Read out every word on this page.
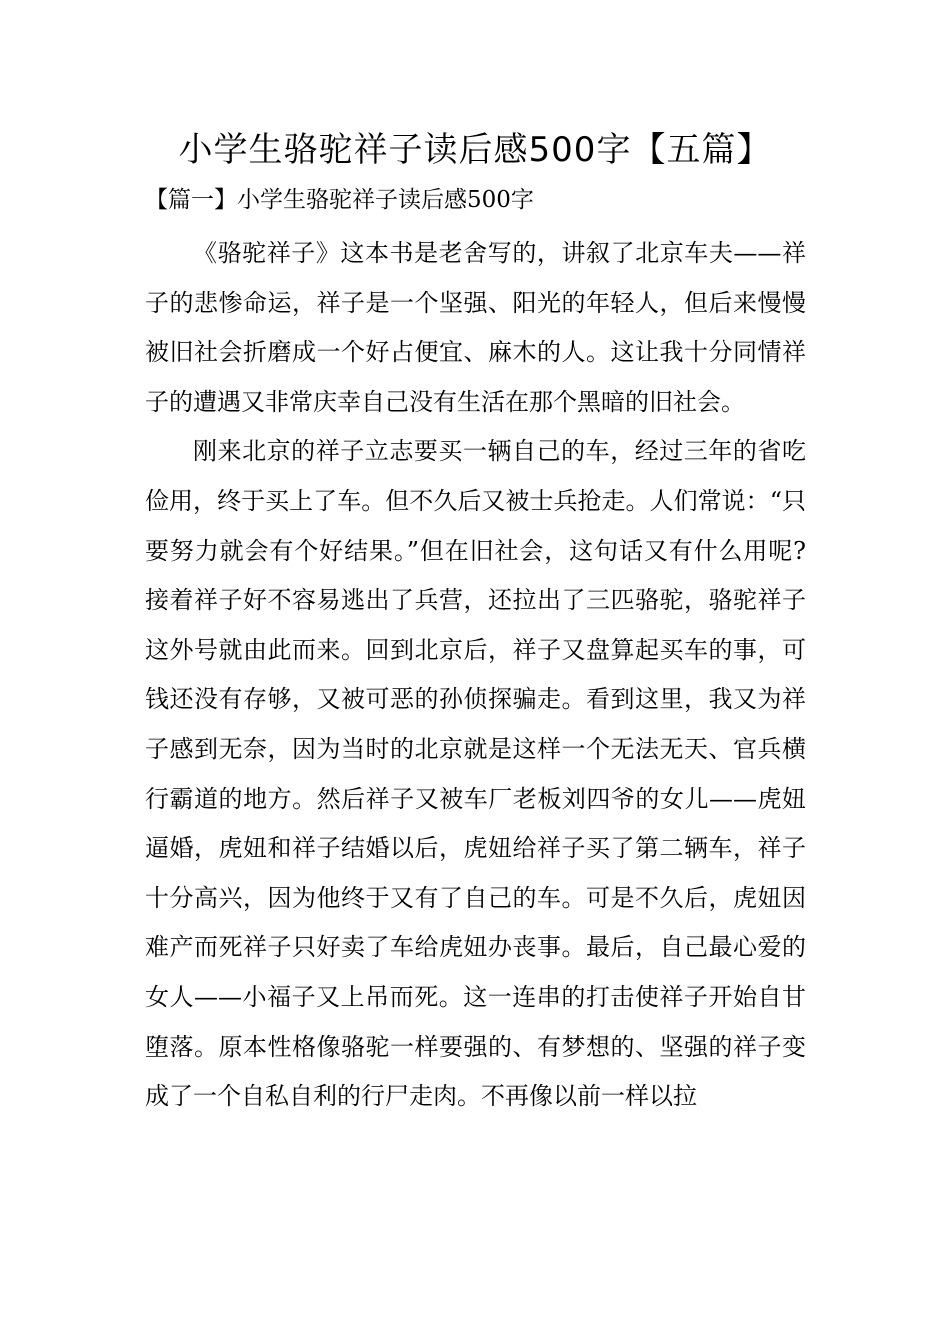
小学生骆驼祥子读后感500字【五篇】

【篇一】小学生骆驼祥子读后感500字

《骆驼祥子》这本书是老舍写的，讲叙了北京车夫——祥子的悲惨命运，祥子是一个坚强、阳光的年轻人，但后来慢慢被旧社会折磨成一个好占便宜、麻木的人。这让我十分同情祥子的遭遇又非常庆幸自己没有生活在那个黑暗的旧社会。

刚来北京的祥子立志要买一辆自己的车，经过三年的省吃俭用，终于买上了车。但不久后又被士兵抢走。人们常说：“只要努力就会有个好结果。”但在旧社会，这句话又有什么用呢?接着祥子好不容易逃出了兵营，还拉出了三匹骆驼，骆驼祥子这外号就由此而来。回到北京后，祥子又盘算起买车的事，可钱还没有存够，又被可恶的孙侦探骗走。看到这里，我又为祥子感到无奈，因为当时的北京就是这样一个无法无天、官兵横行霸道的地方。然后祥子又被车厂老板刘四爷的女儿——虎妞逼婚，虎妞和祥子结婚以后，虎妞给祥子买了第二辆车，祥子十分高兴，因为他终于又有了自己的车。可是不久后，虎妞因难产而死祥子只好卖了车给虎妞办丧事。最后，自己最心爱的女人——小福子又上吊而死。这一连串的打击使祥子开始自甘堕落。原本性格像骆驼一样要强的、有梦想的、坚强的祥子变成了一个自私自利的行尸走肉。不再像以前一样以拉
